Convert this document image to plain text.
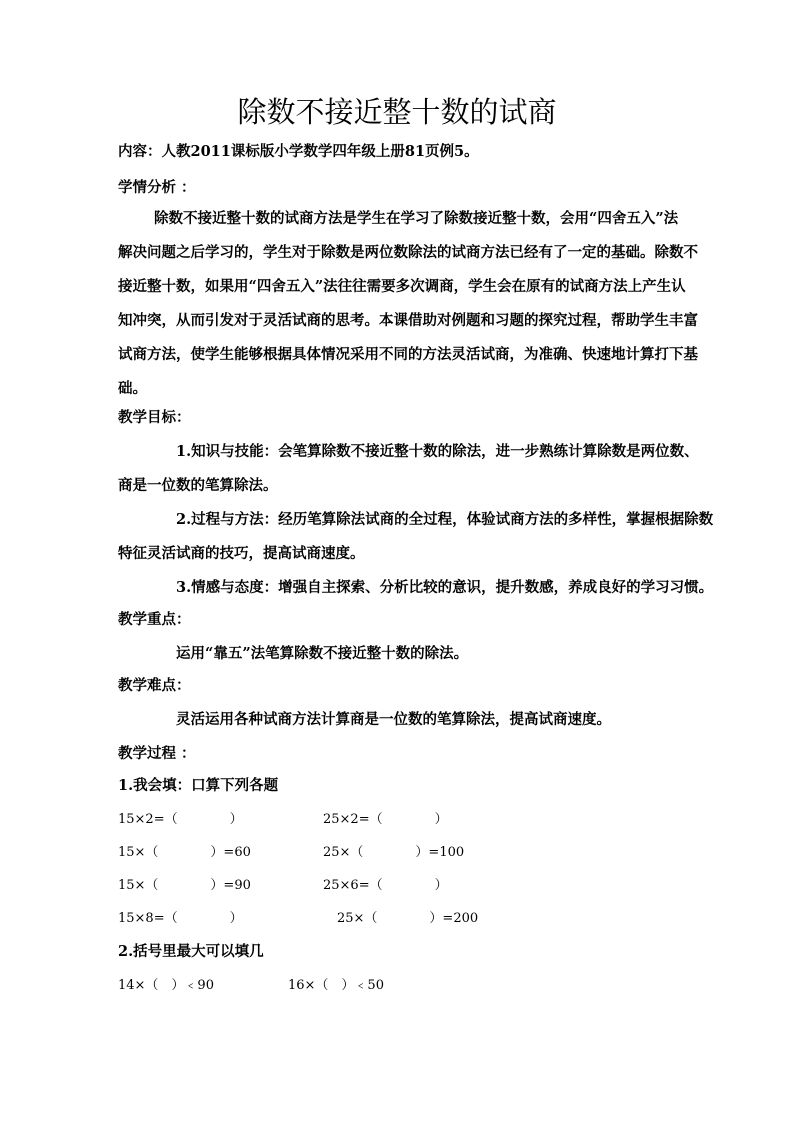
除数不接近整十数的试商
内容：人教2011课标版小学数学四年级上册81页例5。
学情分析 ：
除数不接近整十数的试商方法是学生在学习了除数接近整十数，会用“四舍五入”法
解决问题之后学习的，学生对于除数是两位数除法的试商方法已经有了一定的基础。除数不
接近整十数，如果用“四舍五入”法往往需要多次调商，学生会在原有的试商方法上产生认
知冲突，从而引发对于灵活试商的思考。本课借助对例题和习题的探究过程，帮助学生丰富
试商方法，使学生能够根据具体情况采用不同的方法灵活试商，为准确、快速地计算打下基
础。
教学目标：
1.知识与技能：会笔算除数不接近整十数的除法，进一步熟练计算除数是两位数、
商是一位数的笔算除法。
2.过程与方法：经历笔算除法试商的全过程，体验试商方法的多样性，掌握根据除数
特征灵活试商的技巧，提高试商速度。
3.情感与态度：增强自主探索、分析比较的意识，提升数感，养成良好的学习习惯。
教学重点：
运用“靠五”法笔算除数不接近整十数的除法。
教学难点：
灵活运用各种试商方法计算商是一位数的笔算除法，提高试商速度。
教学过程 ：
1.我会填：口算下列各题
15×2=（　　　　）	25×2=（　　　　）
15×（　　　　）=60	25×（　　　　）=100
15×（　　　　）=90	25×6=（　　　　）
15×8=（　　　　）	25×（　　　　）=200
2.括号里最大可以填几
14×（　）﹤90	16×（　）﹤50
